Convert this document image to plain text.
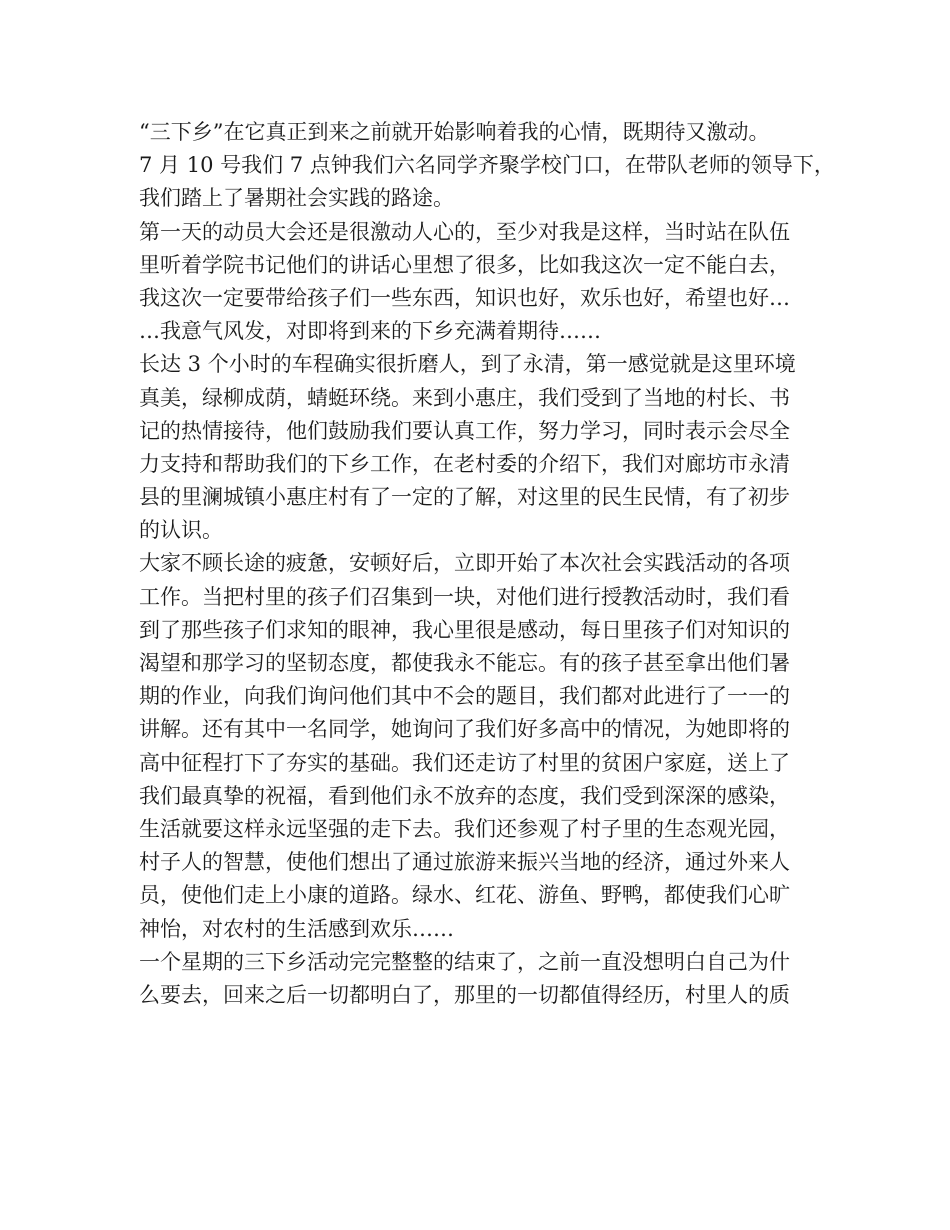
“三下乡”在它真正到来之前就开始影响着我的心情，既期待又激动。
7 月 10 号我们 7 点钟我们六名同学齐聚学校门口，在带队老师的领导下，
我们踏上了暑期社会实践的路途。
第一天的动员大会还是很激动人心的，至少对我是这样，当时站在队伍
里听着学院书记他们的讲话心里想了很多，比如我这次一定不能白去，
我这次一定要带给孩子们一些东西，知识也好，欢乐也好，希望也好…
…我意气风发，对即将到来的下乡充满着期待……
长达 3 个小时的车程确实很折磨人，到了永清，第一感觉就是这里环境
真美，绿柳成荫，蜻蜓环绕。来到小惠庄，我们受到了当地的村长、书
记的热情接待，他们鼓励我们要认真工作，努力学习，同时表示会尽全
力支持和帮助我们的下乡工作，在老村委的介绍下，我们对廊坊市永清
县的里澜城镇小惠庄村有了一定的了解，对这里的民生民情，有了初步
的认识。
大家不顾长途的疲惫，安顿好后，立即开始了本次社会实践活动的各项
工作。当把村里的孩子们召集到一块，对他们进行授教活动时，我们看
到了那些孩子们求知的眼神，我心里很是感动，每日里孩子们对知识的
渴望和那学习的坚韧态度，都使我永不能忘。有的孩子甚至拿出他们暑
期的作业，向我们询问他们其中不会的题目，我们都对此进行了一一的
讲解。还有其中一名同学，她询问了我们好多高中的情况，为她即将的
高中征程打下了夯实的基础。我们还走访了村里的贫困户家庭，送上了
我们最真挚的祝福，看到他们永不放弃的态度，我们受到深深的感染，
生活就要这样永远坚强的走下去。我们还参观了村子里的生态观光园，
村子人的智慧，使他们想出了通过旅游来振兴当地的经济，通过外来人
员，使他们走上小康的道路。绿水、红花、游鱼、野鸭，都使我们心旷
神怡，对农村的生活感到欢乐……
一个星期的三下乡活动完完整整的结束了，之前一直没想明白自己为什
么要去，回来之后一切都明白了，那里的一切都值得经历，村里人的质
